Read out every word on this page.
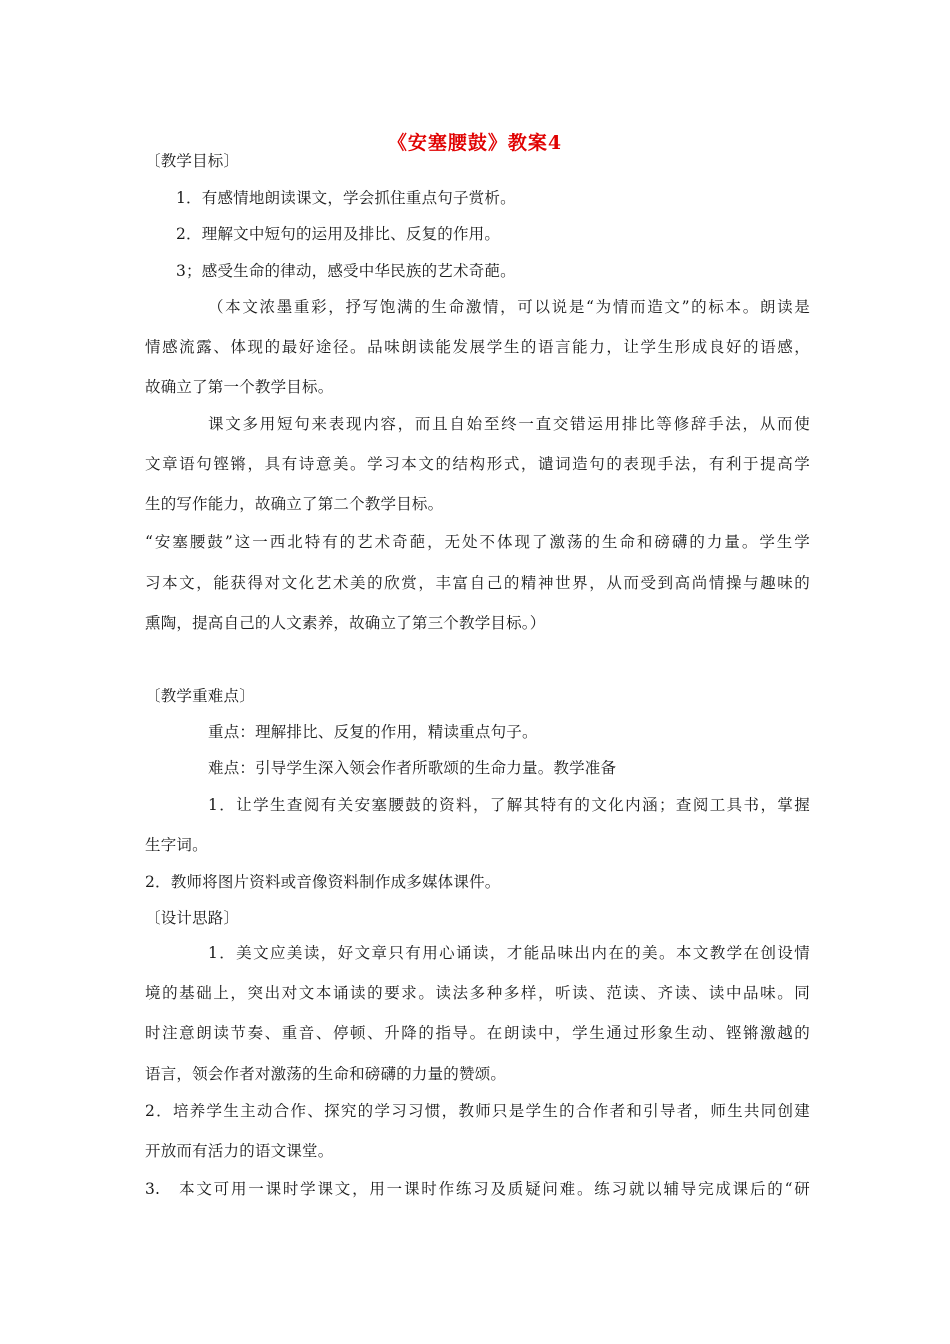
《安塞腰鼓》教案4
〔教学目标〕
1．有感情地朗读课文，学会抓住重点句子赏析。
2．理解文中短句的运用及排比、反复的作用。
3；感受生命的律动，感受中华民族的艺术奇葩。
（本文浓墨重彩，抒写饱满的生命激情，可以说是“为情而造文”的标本。朗读是
情感流露、体现的最好途径。品味朗读能发展学生的语言能力，让学生形成良好的语感，
故确立了第一个教学目标。
课文多用短句来表现内容，而且自始至终一直交错运用排比等修辞手法，从而使
文章语句铿锵，具有诗意美。学习本文的结构形式，谴词造句的表现手法，有利于提高学
生的写作能力，故确立了第二个教学目标。
“安塞腰鼓”这一西北特有的艺术奇葩，无处不体现了激荡的生命和磅礴的力量。学生学
习本文，能获得对文化艺术美的欣赏，丰富自己的精神世界，从而受到高尚情操与趣味的
熏陶，提高自己的人文素养，故确立了第三个教学目标。）
〔教学重难点〕
重点：理解排比、反复的作用，精读重点句子。
难点：引导学生深入领会作者所歌颂的生命力量。教学准备
1．让学生查阅有关安塞腰鼓的资料，了解其特有的文化内涵；查阅工具书，掌握
生字词。
2．教师将图片资料或音像资料制作成多媒体课件。
〔设计思路〕
1．美文应美读，好文章只有用心诵读，才能品味出内在的美。本文教学在创设情
境的基础上，突出对文本诵读的要求。读法多种多样，听读、范读、齐读、读中品味。同
时注意朗读节奏、重音、停顿、升降的指导。在朗读中，学生通过形象生动、铿锵激越的
语言，领会作者对激荡的生命和磅礴的力量的赞颂。
2．培养学生主动合作、探究的学习习惯，教师只是学生的合作者和引导者，师生共同创建
开放而有活力的语文课堂。
3.　本文可用一课时学课文，用一课时作练习及质疑问难。练习就以辅导完成课后的“研
